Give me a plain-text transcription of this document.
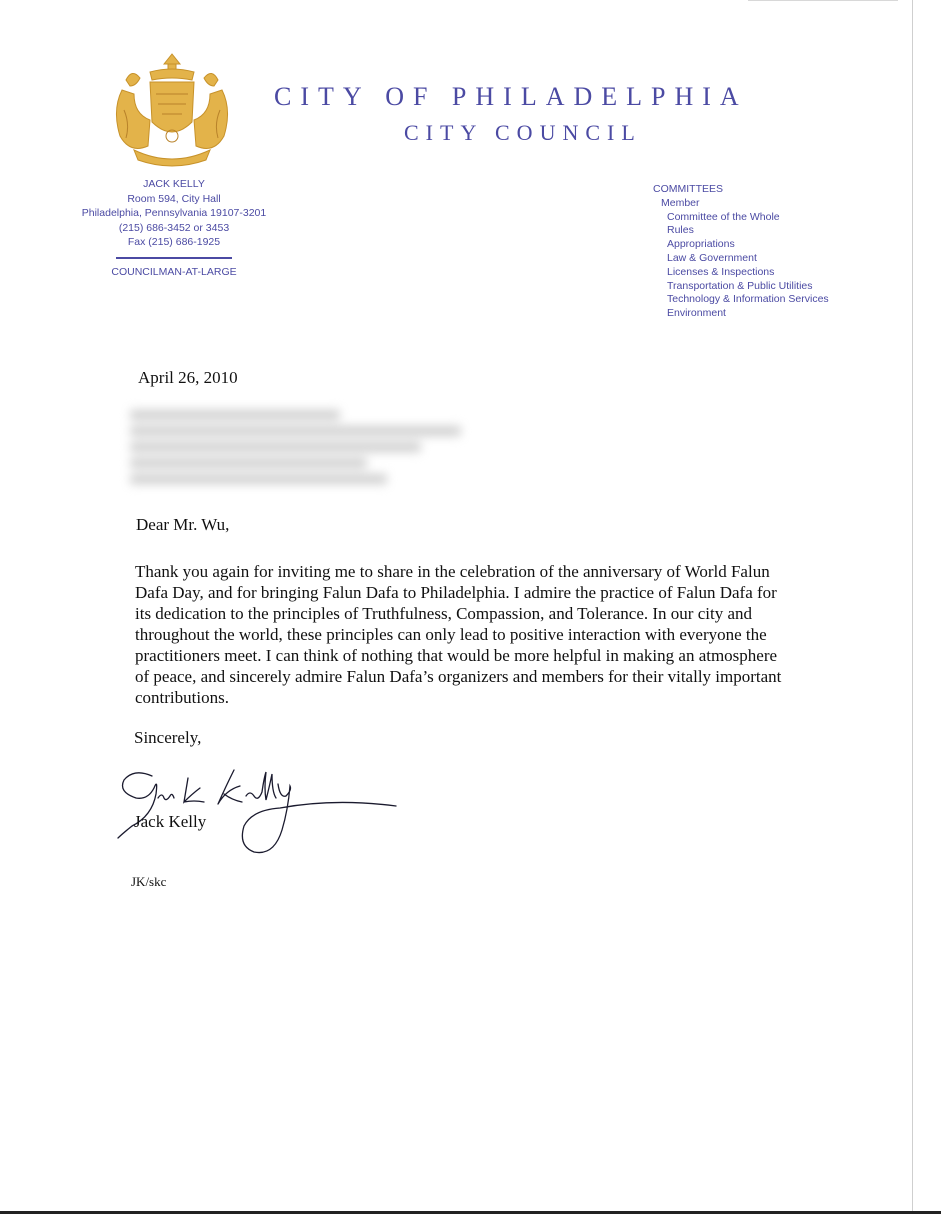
CITY OF PHILADELPHIA
CITY COUNCIL
JACK KELLY
Room 594, City Hall
Philadelphia, Pennsylvania 19107-3201
(215) 686-3452 or 3453
Fax (215) 686-1925
COUNCILMAN-AT-LARGE
COMMITTEES
Member
Committee of the Whole
Rules
Appropriations
Law & Government
Licenses & Inspections
Transportation & Public Utilities
Technology & Information Services
Environment
April 26, 2010
Dear Mr. Wu,
Thank you again for inviting me to share in the celebration of the anniversary of World Falun Dafa Day, and for bringing Falun Dafa to Philadelphia. I admire the practice of Falun Dafa for its dedication to the principles of Truthfulness, Compassion, and Tolerance. In our city and throughout the world, these principles can only lead to positive interaction with everyone the practitioners meet. I can think of nothing that would be more helpful in making an atmosphere of peace, and sincerely admire Falun Dafa’s organizers and members for their vitally important contributions.
Sincerely,
Jack Kelly
JK/skc
